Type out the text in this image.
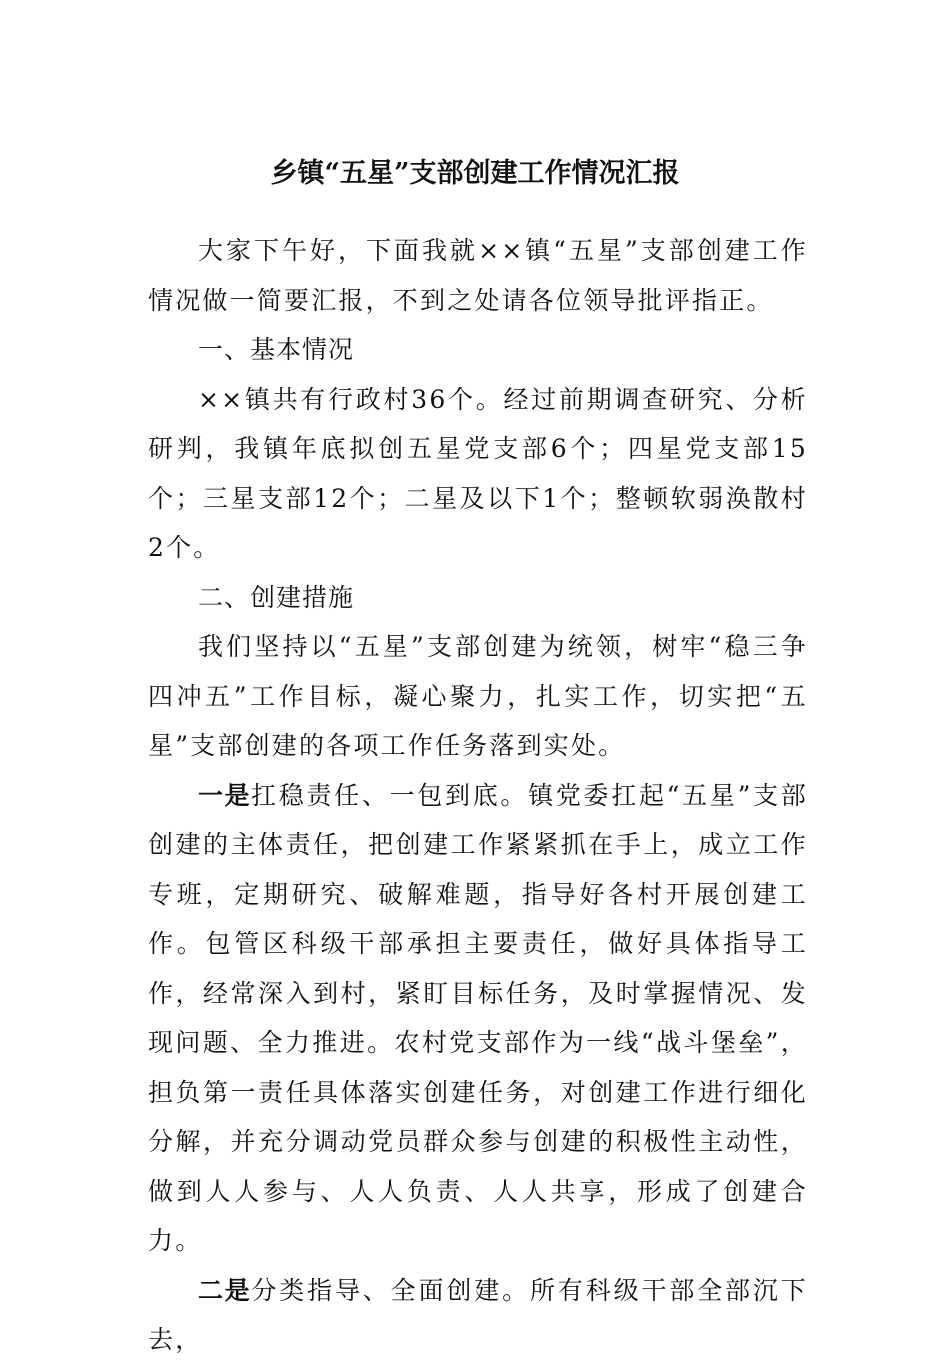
乡镇“五星”支部创建工作情况汇报

大家下午好，下面我就××镇“五星”支部创建工作情况做一简要汇报，不到之处请各位领导批评指正。

一、基本情况

××镇共有行政村36个。经过前期调查研究、分析研判，我镇年底拟创五星党支部6个；四星党支部15个；三星支部12个；二星及以下1个；整顿软弱涣散村2个。

二、创建措施

我们坚持以“五星”支部创建为统领，树牢“稳三争四冲五”工作目标，凝心聚力，扎实工作，切实把“五星”支部创建的各项工作任务落到实处。

一是扛稳责任、一包到底。镇党委扛起“五星”支部创建的主体责任，把创建工作紧紧抓在手上，成立工作专班，定期研究、破解难题，指导好各村开展创建工作。包管区科级干部承担主要责任，做好具体指导工作，经常深入到村，紧盯目标任务，及时掌握情况、发现问题、全力推进。农村党支部作为一线“战斗堡垒”，担负第一责任具体落实创建任务，对创建工作进行细化分解，并充分调动党员群众参与创建的积极性主动性，做到人人参与、人人负责、人人共享，形成了创建合力。

二是分类指导、全面创建。所有科级干部全部沉下去，
